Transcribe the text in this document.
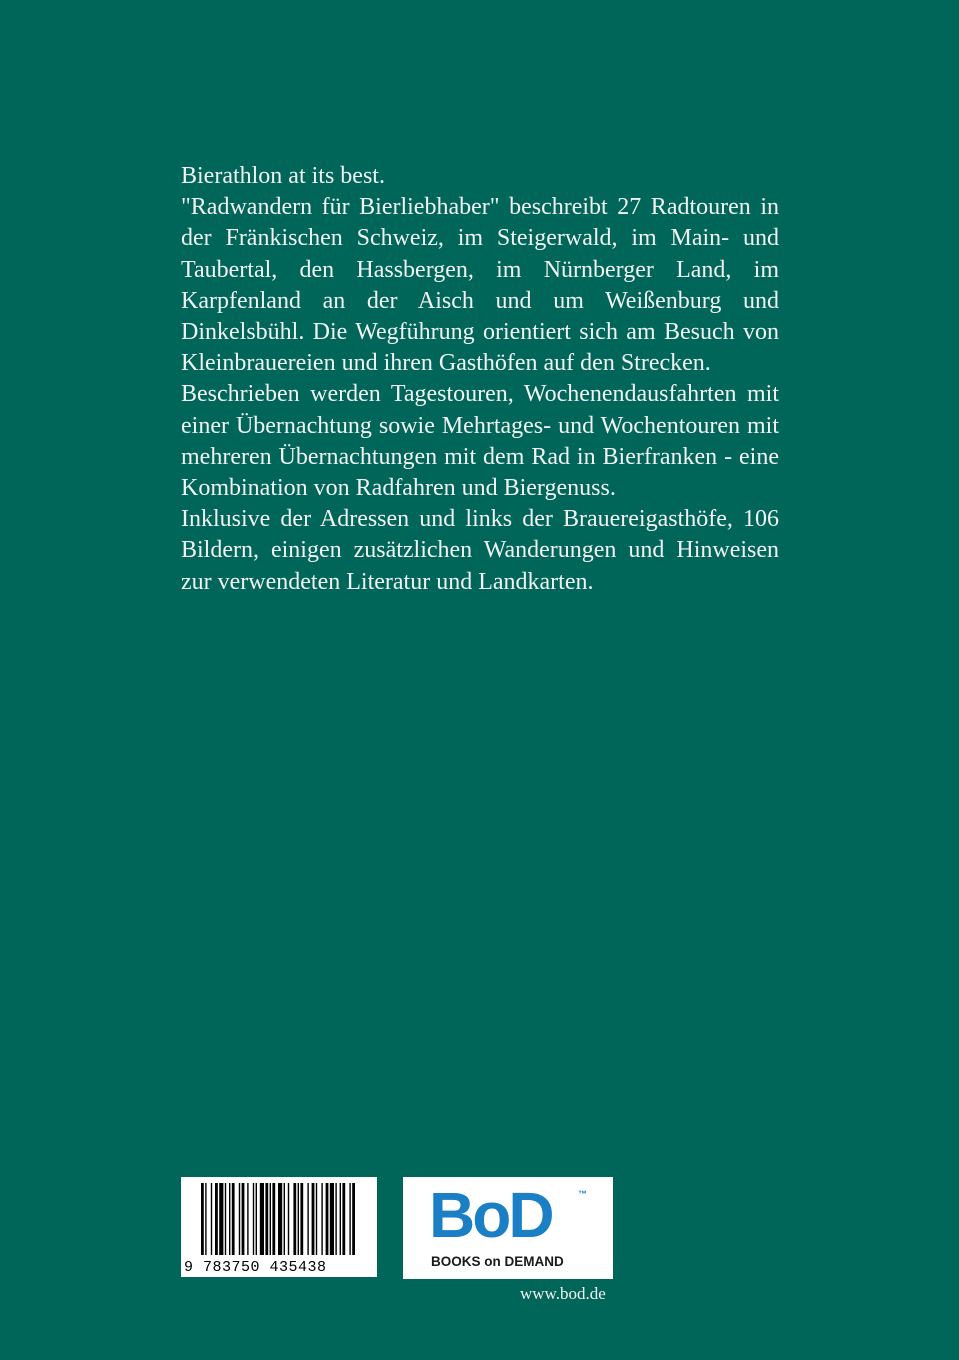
Bierathlon at its best.

"Radwandern für Bierliebhaber" beschreibt 27 Radtouren in der Fränkischen Schweiz, im Steigerwald, im Main- und Taubertal, den Hassbergen, im Nürnberger Land, im Karpfenland an der Aisch und um Weißenburg und Dinkelsbühl. Die Wegführung orientiert sich am Besuch von Kleinbrauereien und ihren Gasthöfen auf den Strecken.

Beschrieben werden Tagestouren, Wochenendausfahrten mit einer Übernachtung sowie Mehrtages- und Wochentouren mit mehreren Übernachtungen mit dem Rad in Bierfranken - eine Kombination von Radfahren und Biergenuss.

Inklusive der Adressen und links der Brauereigasthöfe, 106 Bildern, einigen zusätzlichen Wanderungen und Hinweisen zur verwendeten Literatur und Landkarten.

9 783750 435438
BoD	™
BOOKS on DEMAND
www.bod.de
